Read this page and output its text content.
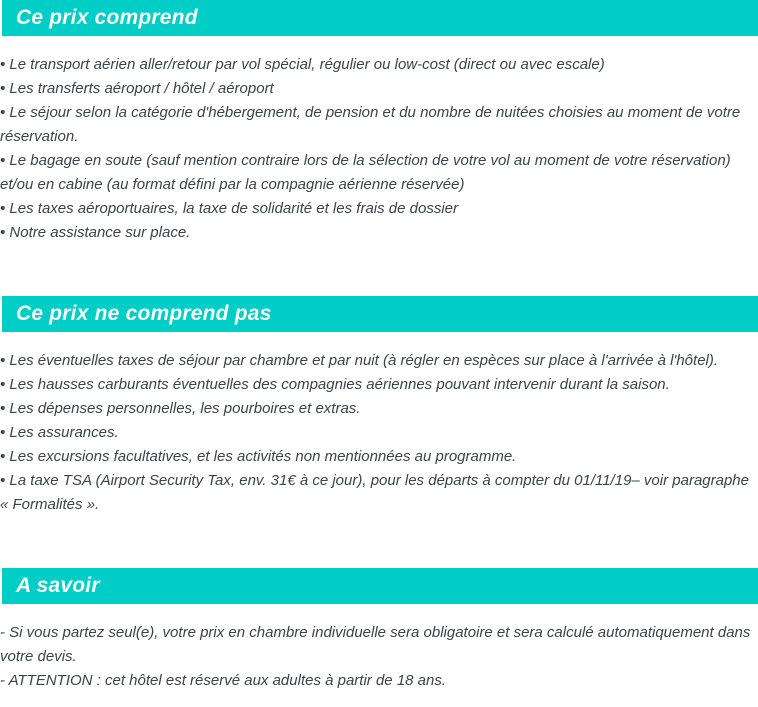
Ce prix comprend

• Le transport aérien aller/retour par vol spécial, régulier ou low-cost (direct ou avec escale)

• Les transferts aéroport / hôtel / aéroport

• Le séjour selon la catégorie d'hébergement, de pension et du nombre de nuitées choisies au moment de votre réservation.

• Le bagage en soute (sauf mention contraire lors de la sélection de votre vol au moment de votre réservation) et/ou en cabine (au format défini par la compagnie aérienne réservée)

• Les taxes aéroportuaires, la taxe de solidarité et les frais de dossier

• Notre assistance sur place.

Ce prix ne comprend pas

• Les éventuelles taxes de séjour par chambre et par nuit (à régler en espèces sur place à l'arrivée à l'hôtel).

• Les hausses carburants éventuelles des compagnies aériennes pouvant intervenir durant la saison.

• Les dépenses personnelles, les pourboires et extras.

• Les assurances.

• Les excursions facultatives, et les activités non mentionnées au programme.

• La taxe TSA (Airport Security Tax, env. 31€ à ce jour), pour les départs à compter du 01/11/19– voir paragraphe « Formalités ».

A savoir

- Si vous partez seul(e), votre prix en chambre individuelle sera obligatoire et sera calculé automatiquement dans votre devis.

- ATTENTION : cet hôtel est réservé aux adultes à partir de 18 ans.
